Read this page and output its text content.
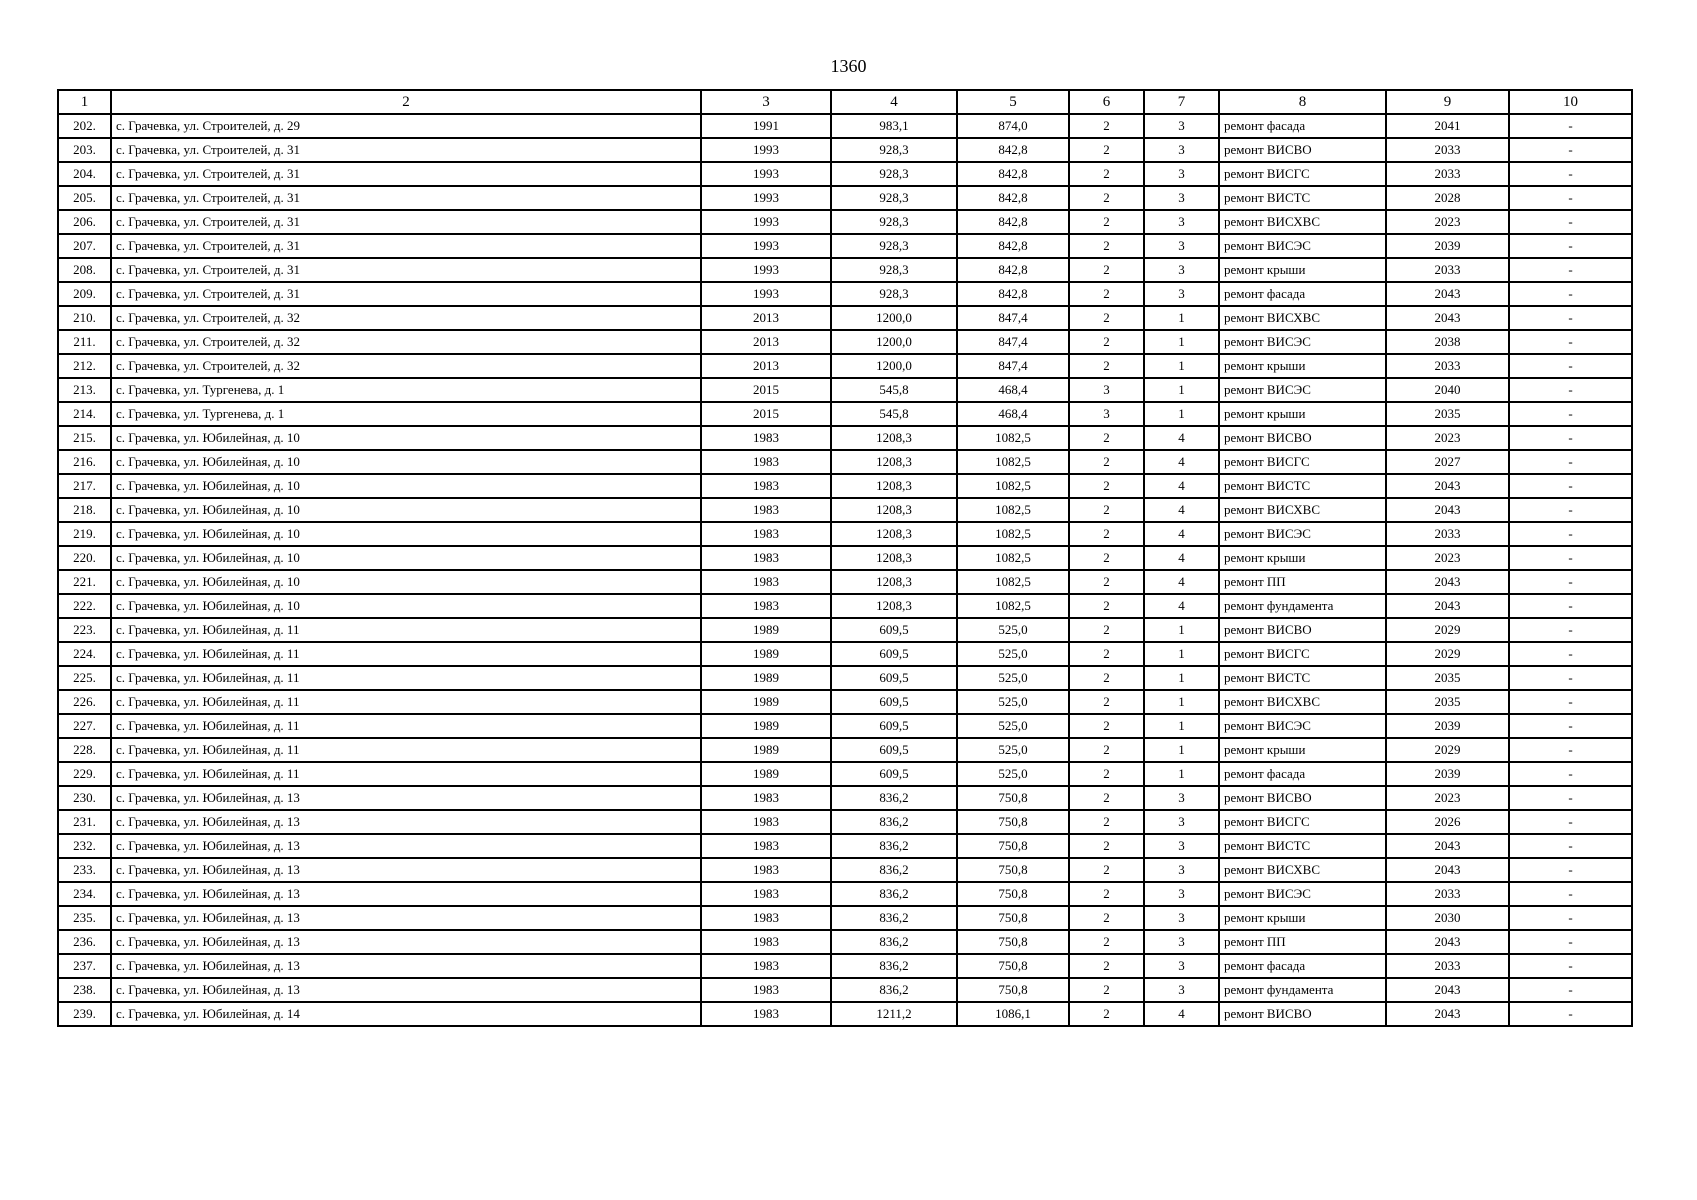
1360
1	2	3	4	5	6	7	8	9	10
202.	с. Грачевка, ул. Строителей, д. 29	1991	983,1	874,0	2	3	ремонт фасада	2041	-
203.	с. Грачевка, ул. Строителей, д. 31	1993	928,3	842,8	2	3	ремонт ВИСВО	2033	-
204.	с. Грачевка, ул. Строителей, д. 31	1993	928,3	842,8	2	3	ремонт ВИСГС	2033	-
205.	с. Грачевка, ул. Строителей, д. 31	1993	928,3	842,8	2	3	ремонт ВИСТС	2028	-
206.	с. Грачевка, ул. Строителей, д. 31	1993	928,3	842,8	2	3	ремонт ВИСХВС	2023	-
207.	с. Грачевка, ул. Строителей, д. 31	1993	928,3	842,8	2	3	ремонт ВИСЭС	2039	-
208.	с. Грачевка, ул. Строителей, д. 31	1993	928,3	842,8	2	3	ремонт крыши	2033	-
209.	с. Грачевка, ул. Строителей, д. 31	1993	928,3	842,8	2	3	ремонт фасада	2043	-
210.	с. Грачевка, ул. Строителей, д. 32	2013	1200,0	847,4	2	1	ремонт ВИСХВС	2043	-
211.	с. Грачевка, ул. Строителей, д. 32	2013	1200,0	847,4	2	1	ремонт ВИСЭС	2038	-
212.	с. Грачевка, ул. Строителей, д. 32	2013	1200,0	847,4	2	1	ремонт крыши	2033	-
213.	с. Грачевка, ул. Тургенева, д. 1	2015	545,8	468,4	3	1	ремонт ВИСЭС	2040	-
214.	с. Грачевка, ул. Тургенева, д. 1	2015	545,8	468,4	3	1	ремонт крыши	2035	-
215.	с. Грачевка, ул. Юбилейная, д. 10	1983	1208,3	1082,5	2	4	ремонт ВИСВО	2023	-
216.	с. Грачевка, ул. Юбилейная, д. 10	1983	1208,3	1082,5	2	4	ремонт ВИСГС	2027	-
217.	с. Грачевка, ул. Юбилейная, д. 10	1983	1208,3	1082,5	2	4	ремонт ВИСТС	2043	-
218.	с. Грачевка, ул. Юбилейная, д. 10	1983	1208,3	1082,5	2	4	ремонт ВИСХВС	2043	-
219.	с. Грачевка, ул. Юбилейная, д. 10	1983	1208,3	1082,5	2	4	ремонт ВИСЭС	2033	-
220.	с. Грачевка, ул. Юбилейная, д. 10	1983	1208,3	1082,5	2	4	ремонт крыши	2023	-
221.	с. Грачевка, ул. Юбилейная, д. 10	1983	1208,3	1082,5	2	4	ремонт ПП	2043	-
222.	с. Грачевка, ул. Юбилейная, д. 10	1983	1208,3	1082,5	2	4	ремонт фундамента	2043	-
223.	с. Грачевка, ул. Юбилейная, д. 11	1989	609,5	525,0	2	1	ремонт ВИСВО	2029	-
224.	с. Грачевка, ул. Юбилейная, д. 11	1989	609,5	525,0	2	1	ремонт ВИСГС	2029	-
225.	с. Грачевка, ул. Юбилейная, д. 11	1989	609,5	525,0	2	1	ремонт ВИСТС	2035	-
226.	с. Грачевка, ул. Юбилейная, д. 11	1989	609,5	525,0	2	1	ремонт ВИСХВС	2035	-
227.	с. Грачевка, ул. Юбилейная, д. 11	1989	609,5	525,0	2	1	ремонт ВИСЭС	2039	-
228.	с. Грачевка, ул. Юбилейная, д. 11	1989	609,5	525,0	2	1	ремонт крыши	2029	-
229.	с. Грачевка, ул. Юбилейная, д. 11	1989	609,5	525,0	2	1	ремонт фасада	2039	-
230.	с. Грачевка, ул. Юбилейная, д. 13	1983	836,2	750,8	2	3	ремонт ВИСВО	2023	-
231.	с. Грачевка, ул. Юбилейная, д. 13	1983	836,2	750,8	2	3	ремонт ВИСГС	2026	-
232.	с. Грачевка, ул. Юбилейная, д. 13	1983	836,2	750,8	2	3	ремонт ВИСТС	2043	-
233.	с. Грачевка, ул. Юбилейная, д. 13	1983	836,2	750,8	2	3	ремонт ВИСХВС	2043	-
234.	с. Грачевка, ул. Юбилейная, д. 13	1983	836,2	750,8	2	3	ремонт ВИСЭС	2033	-
235.	с. Грачевка, ул. Юбилейная, д. 13	1983	836,2	750,8	2	3	ремонт крыши	2030	-
236.	с. Грачевка, ул. Юбилейная, д. 13	1983	836,2	750,8	2	3	ремонт ПП	2043	-
237.	с. Грачевка, ул. Юбилейная, д. 13	1983	836,2	750,8	2	3	ремонт фасада	2033	-
238.	с. Грачевка, ул. Юбилейная, д. 13	1983	836,2	750,8	2	3	ремонт фундамента	2043	-
239.	с. Грачевка, ул. Юбилейная, д. 14	1983	1211,2	1086,1	2	4	ремонт ВИСВО	2043	-
